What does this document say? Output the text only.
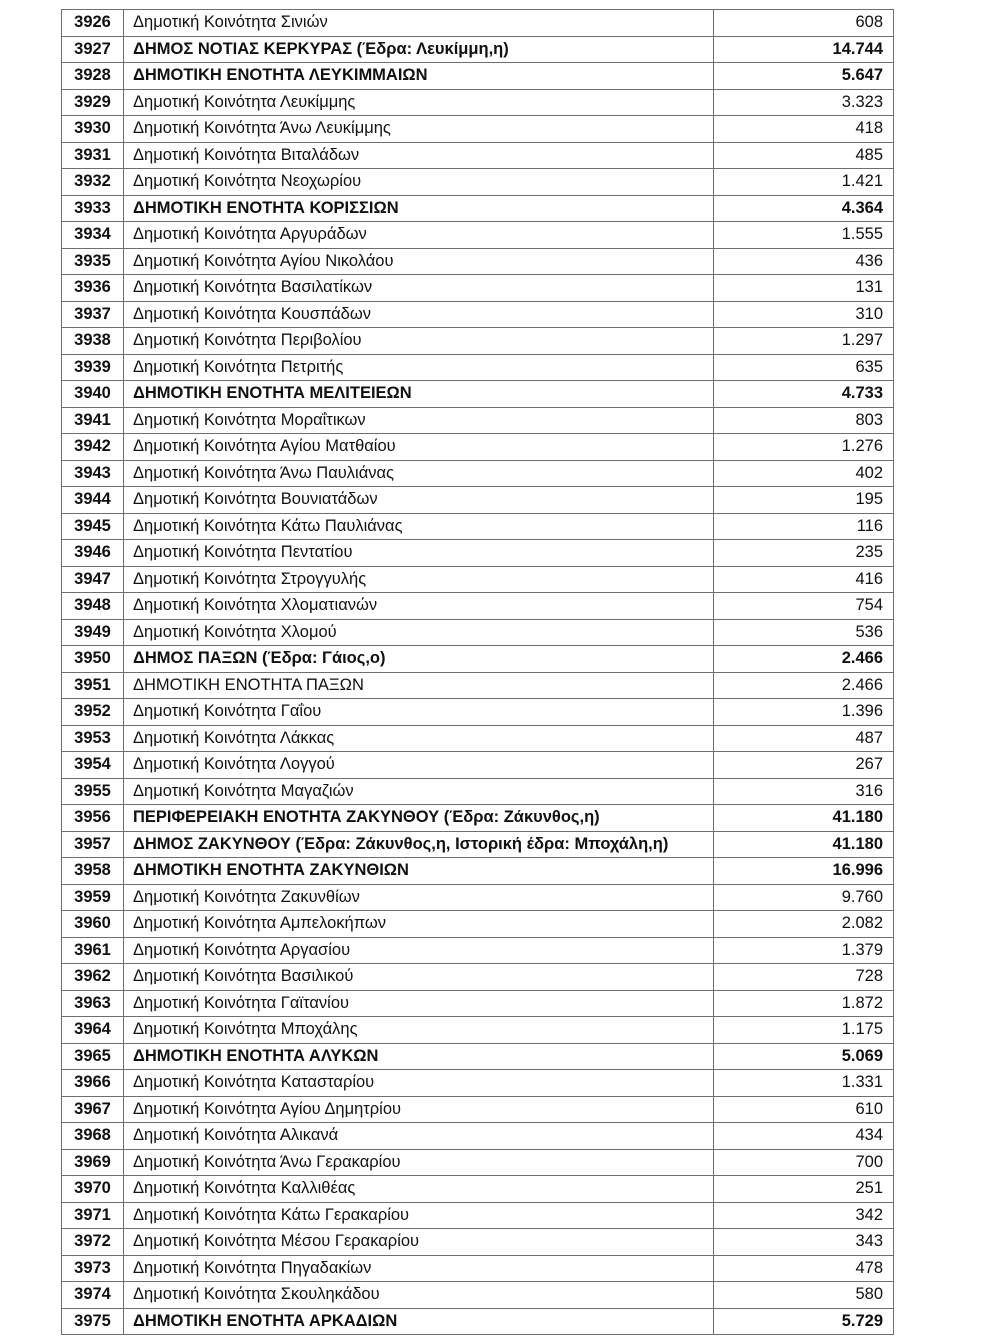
3926	Δημοτική Κοινότητα Σινιών	608
3927	ΔΗΜΟΣ ΝΟΤΙΑΣ ΚΕΡΚΥΡΑΣ (Έδρα: Λευκίμμη,η)	14.744
3928	ΔΗΜΟΤΙΚΗ ΕΝΟΤΗΤΑ ΛΕΥΚΙΜΜΑΙΩΝ	5.647
3929	Δημοτική Κοινότητα Λευκίμμης	3.323
3930	Δημοτική Κοινότητα Άνω Λευκίμμης	418
3931	Δημοτική Κοινότητα Βιταλάδων	485
3932	Δημοτική Κοινότητα Νεοχωρίου	1.421
3933	ΔΗΜΟΤΙΚΗ ΕΝΟΤΗΤΑ ΚΟΡΙΣΣΙΩΝ	4.364
3934	Δημοτική Κοινότητα Αργυράδων	1.555
3935	Δημοτική Κοινότητα Αγίου Νικολάου	436
3936	Δημοτική Κοινότητα Βασιλατίκων	131
3937	Δημοτική Κοινότητα Κουσπάδων	310
3938	Δημοτική Κοινότητα Περιβολίου	1.297
3939	Δημοτική Κοινότητα Πετριτής	635
3940	ΔΗΜΟΤΙΚΗ ΕΝΟΤΗΤΑ ΜΕΛΙΤΕΙΕΩΝ	4.733
3941	Δημοτική Κοινότητα Μοραΐτικων	803
3942	Δημοτική Κοινότητα Αγίου Ματθαίου	1.276
3943	Δημοτική Κοινότητα Άνω Παυλιάνας	402
3944	Δημοτική Κοινότητα Βουνιατάδων	195
3945	Δημοτική Κοινότητα Κάτω Παυλιάνας	116
3946	Δημοτική Κοινότητα Πεντατίου	235
3947	Δημοτική Κοινότητα Στρογγυλής	416
3948	Δημοτική Κοινότητα Χλοματιανών	754
3949	Δημοτική Κοινότητα Χλομού	536
3950	ΔΗΜΟΣ ΠΑΞΩΝ (Έδρα: Γάιος,ο)	2.466
3951	ΔΗΜΟΤΙΚΗ ΕΝΟΤΗΤΑ ΠΑΞΩΝ	2.466
3952	Δημοτική Κοινότητα Γαΐου	1.396
3953	Δημοτική Κοινότητα Λάκκας	487
3954	Δημοτική Κοινότητα Λογγού	267
3955	Δημοτική Κοινότητα Μαγαζιών	316
3956	ΠΕΡΙΦΕΡΕΙΑΚΗ ΕΝΟΤΗΤΑ ΖΑΚΥΝΘΟΥ (Έδρα: Ζάκυνθος,η)	41.180
3957	ΔΗΜΟΣ ΖΑΚΥΝΘΟΥ (Έδρα: Ζάκυνθος,η, Ιστορική έδρα: Μποχάλη,η)	41.180
3958	ΔΗΜΟΤΙΚΗ ΕΝΟΤΗΤΑ ΖΑΚΥΝΘΙΩΝ	16.996
3959	Δημοτική Κοινότητα Ζακυνθίων	9.760
3960	Δημοτική Κοινότητα Αμπελοκήπων	2.082
3961	Δημοτική Κοινότητα Αργασίου	1.379
3962	Δημοτική Κοινότητα Βασιλικού	728
3963	Δημοτική Κοινότητα Γαϊτανίου	1.872
3964	Δημοτική Κοινότητα Μποχάλης	1.175
3965	ΔΗΜΟΤΙΚΗ ΕΝΟΤΗΤΑ ΑΛΥΚΩΝ	5.069
3966	Δημοτική Κοινότητα Κατασταρίου	1.331
3967	Δημοτική Κοινότητα Αγίου Δημητρίου	610
3968	Δημοτική Κοινότητα Αλικανά	434
3969	Δημοτική Κοινότητα Άνω Γερακαρίου	700
3970	Δημοτική Κοινότητα Καλλιθέας	251
3971	Δημοτική Κοινότητα Κάτω Γερακαρίου	342
3972	Δημοτική Κοινότητα Μέσου Γερακαρίου	343
3973	Δημοτική Κοινότητα Πηγαδακίων	478
3974	Δημοτική Κοινότητα Σκουληκάδου	580
3975	ΔΗΜΟΤΙΚΗ ΕΝΟΤΗΤΑ ΑΡΚΑΔΙΩΝ	5.729
